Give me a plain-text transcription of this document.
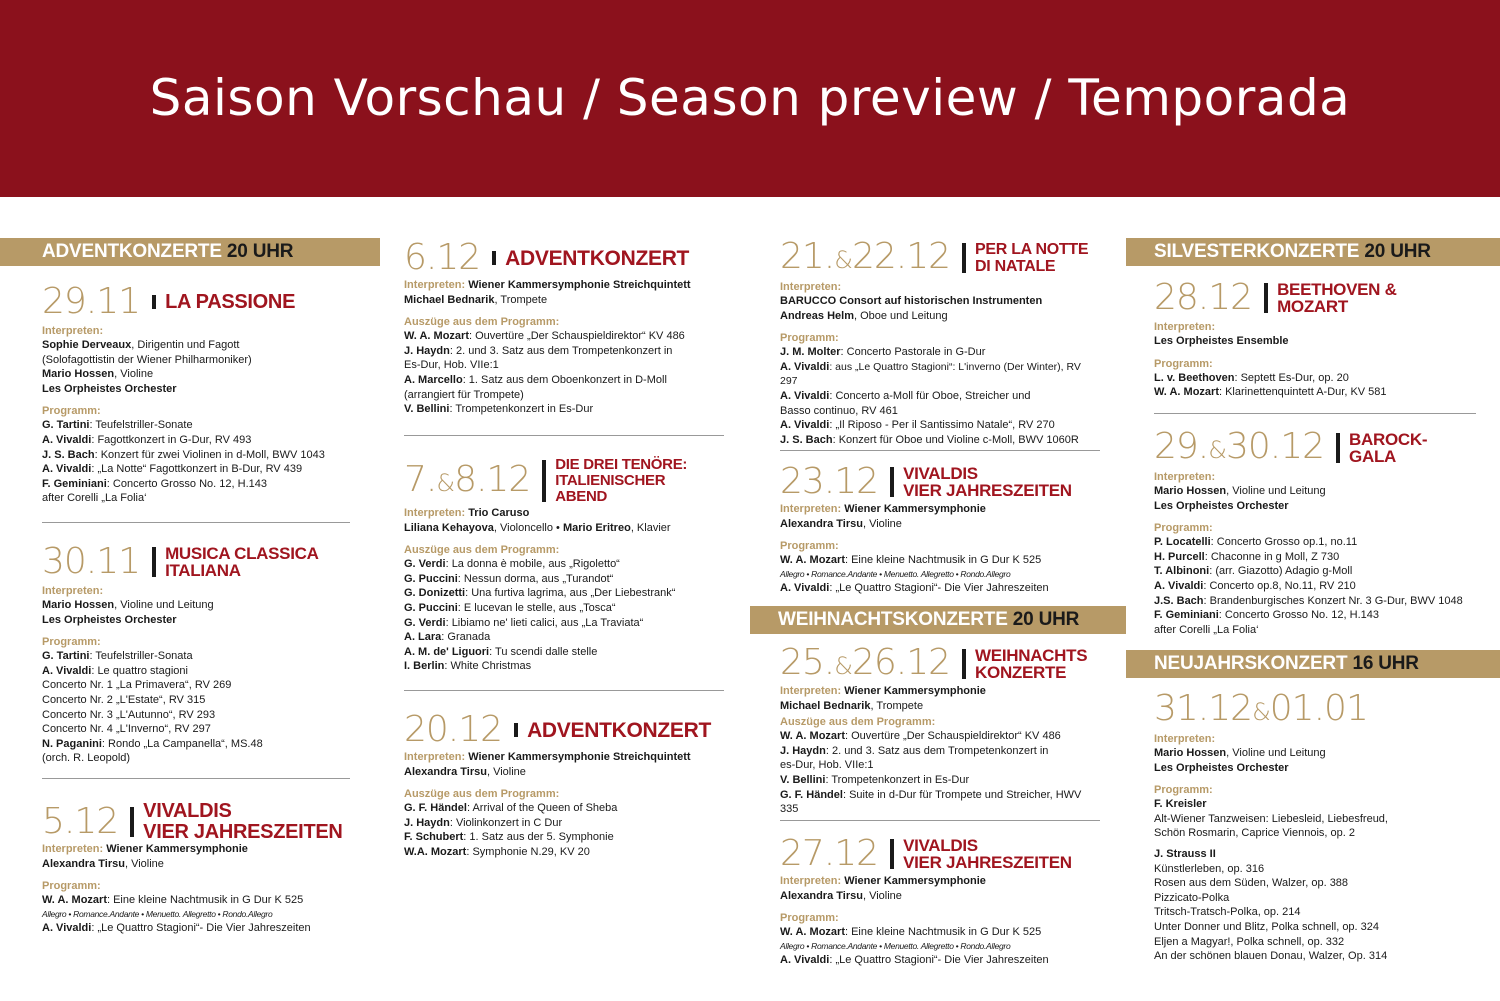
Saison Vorschau / Season preview / Temporada
ADVENTKONZERTE 20 UHR
29.11 LA PASSIONE
Interpreten:
Sophie Derveaux, Dirigentin und Fagott
(Solofagottistin der Wiener Philharmoniker)
Mario Hossen, Violine
Les Orpheistes Orchester
Programm:
G. Tartini: Teufelstriller-Sonate
A. Vivaldi: Fagottkonzert in G-Dur, RV 493
J. S. Bach: Konzert für zwei Violinen in d-Moll, BWV 1043
A. Vivaldi: „La Notte“ Fagottkonzert in B-Dur, RV 439
F. Geminiani: Concerto Grosso No. 12, H.143
after Corelli „La Folia‘
30.11 MUSICA CLASSICA
ITALIANA
Interpreten:
Mario Hossen, Violine und Leitung
Les Orpheistes Orchester
Programm:
G. Tartini: Teufelstriller-Sonata
A. Vivaldi: Le quattro stagioni
Concerto Nr. 1 „La Primavera“, RV 269
Concerto Nr. 2 „L'Estate“, RV 315
Concerto Nr. 3 „L'Autunno“, RV 293
Concerto Nr. 4 „L'Inverno“, RV 297
N. Paganini: Rondo „La Campanella“, MS.48
(orch. R. Leopold)
5.12 VIVALDIS
VIER JAHRESZEITEN
Interpreten: Wiener Kammersymphonie
Alexandra Tirsu, Violine
Programm:
W. A. Mozart: Eine kleine Nachtmusik in G Dur K 525
Allegro • Romance.Andante • Menuetto. Allegretto • Rondo.Allegro
A. Vivaldi: „Le Quattro Stagioni“- Die Vier Jahreszeiten
6.12 ADVENTKONZERT
Interpreten: Wiener Kammersymphonie Streichquintett
Michael Bednarik, Trompete
Auszüge aus dem Programm:
W. A. Mozart: Ouvertüre „Der Schauspieldirektor“ KV 486
J. Haydn: 2. und 3. Satz aus dem Trompetenkonzert in
Es-Dur, Hob. VIIe:1
A. Marcello: 1. Satz aus dem Oboenkonzert in D-Moll
(arrangiert für Trompete)
V. Bellini: Trompetenkonzert in Es-Dur
7.&8.12 DIE DREI TENÖRE:
ITALIENISCHER
ABEND
Interpreten: Trio Caruso
Liliana Kehayova, Violoncello • Mario Eritreo, Klavier
Auszüge aus dem Programm:
G. Verdi: La donna è mobile, aus „Rigoletto“
G. Puccini: Nessun dorma, aus „Turandot“
G. Donizetti: Una furtiva lagrima, aus „Der Liebestrank“
G. Puccini: E lucevan le stelle, aus „Tosca“
G. Verdi: Libiamo ne' lieti calici, aus „La Traviata“
A. Lara: Granada
A. M. de' Liguori: Tu scendi dalle stelle
I. Berlin: White Christmas
20.12 ADVENTKONZERT
Interpreten: Wiener Kammersymphonie Streichquintett
Alexandra Tirsu, Violine
Auszüge aus dem Programm:
G. F. Händel: Arrival of the Queen of Sheba
J. Haydn: Violinkonzert in C Dur
F. Schubert: 1. Satz aus der 5. Symphonie
W.A. Mozart: Symphonie N.29, KV 20
21.&22.12 PER LA NOTTE
DI NATALE
Interpreten:
BARUCCO Consort auf historischen Instrumenten
Andreas Helm, Oboe und Leitung
Programm:
J. M. Molter: Concerto Pastorale in G-Dur
A. Vivaldi: aus „Le Quattro Stagioni“: L'inverno (Der Winter), RV 297
A. Vivaldi: Concerto a-Moll für Oboe, Streicher und
Basso continuo, RV 461
A. Vivaldi: „Il Riposo - Per il Santissimo Natale“, RV 270
J. S. Bach: Konzert für Oboe und Violine c-Moll, BWV 1060R
23.12 VIVALDIS
VIER JAHRESZEITEN
Interpreten: Wiener Kammersymphonie
Alexandra Tirsu, Violine
Programm:
W. A. Mozart: Eine kleine Nachtmusik in G Dur K 525
Allegro • Romance.Andante • Menuetto. Allegretto • Rondo.Allegro
A. Vivaldi: „Le Quattro Stagioni“- Die Vier Jahreszeiten
WEIHNACHTSKONZERTE 20 UHR
25.&26.12 WEIHNACHTS
KONZERTE
Interpreten: Wiener Kammersymphonie
Michael Bednarik, Trompete
Auszüge aus dem Programm:
W. A. Mozart: Ouvertüre „Der Schauspieldirektor“ KV 486
J. Haydn: 2. und 3. Satz aus dem Trompetenkonzert in
es-Dur, Hob. VIIe:1
V. Bellini: Trompetenkonzert in Es-Dur
G. F. Händel: Suite in d-Dur für Trompete und Streicher, HWV 335
27.12 VIVALDIS
VIER JAHRESZEITEN
Interpreten: Wiener Kammersymphonie
Alexandra Tirsu, Violine
Programm:
W. A. Mozart: Eine kleine Nachtmusik in G Dur K 525
Allegro • Romance.Andante • Menuetto. Allegretto • Rondo.Allegro
A. Vivaldi: „Le Quattro Stagioni“- Die Vier Jahreszeiten
SILVESTERKONZERTE 20 UHR
28.12 BEETHOVEN &
MOZART
Interpreten:
Les Orpheistes Ensemble
Programm:
L. v. Beethoven: Septett Es-Dur, op. 20
W. A. Mozart: Klarinettenquintett A-Dur, KV 581
29.&30.12 BAROCK-
GALA
Interpreten:
Mario Hossen, Violine und Leitung
Les Orpheistes Orchester
Programm:
P. Locatelli: Concerto Grosso op.1, no.11
H. Purcell: Chaconne in g Moll, Z 730
T. Albinoni: (arr. Giazotto) Adagio g-Moll
A. Vivaldi: Concerto op.8, No.11, RV 210
J.S. Bach: Brandenburgisches Konzert Nr. 3 G-Dur, BWV 1048
F. Geminiani: Concerto Grosso No. 12, H.143
after Corelli „La Folia‘
NEUJAHRSKONZERT 16 UHR
31.12&01.01
Interpreten:
Mario Hossen, Violine und Leitung
Les Orpheistes Orchester
Programm:
F. Kreisler
Alt-Wiener Tanzweisen: Liebesleid, Liebesfreud,
Schön Rosmarin, Caprice Viennois, op. 2
J. Strauss II
Künstlerleben, op. 316
Rosen aus dem Süden, Walzer, op. 388
Pizzicato-Polka
Tritsch-Tratsch-Polka, op. 214
Unter Donner und Blitz, Polka schnell, op. 324
Eljen a Magyar!, Polka schnell, op. 332
An der schönen blauen Donau, Walzer, Op. 314
